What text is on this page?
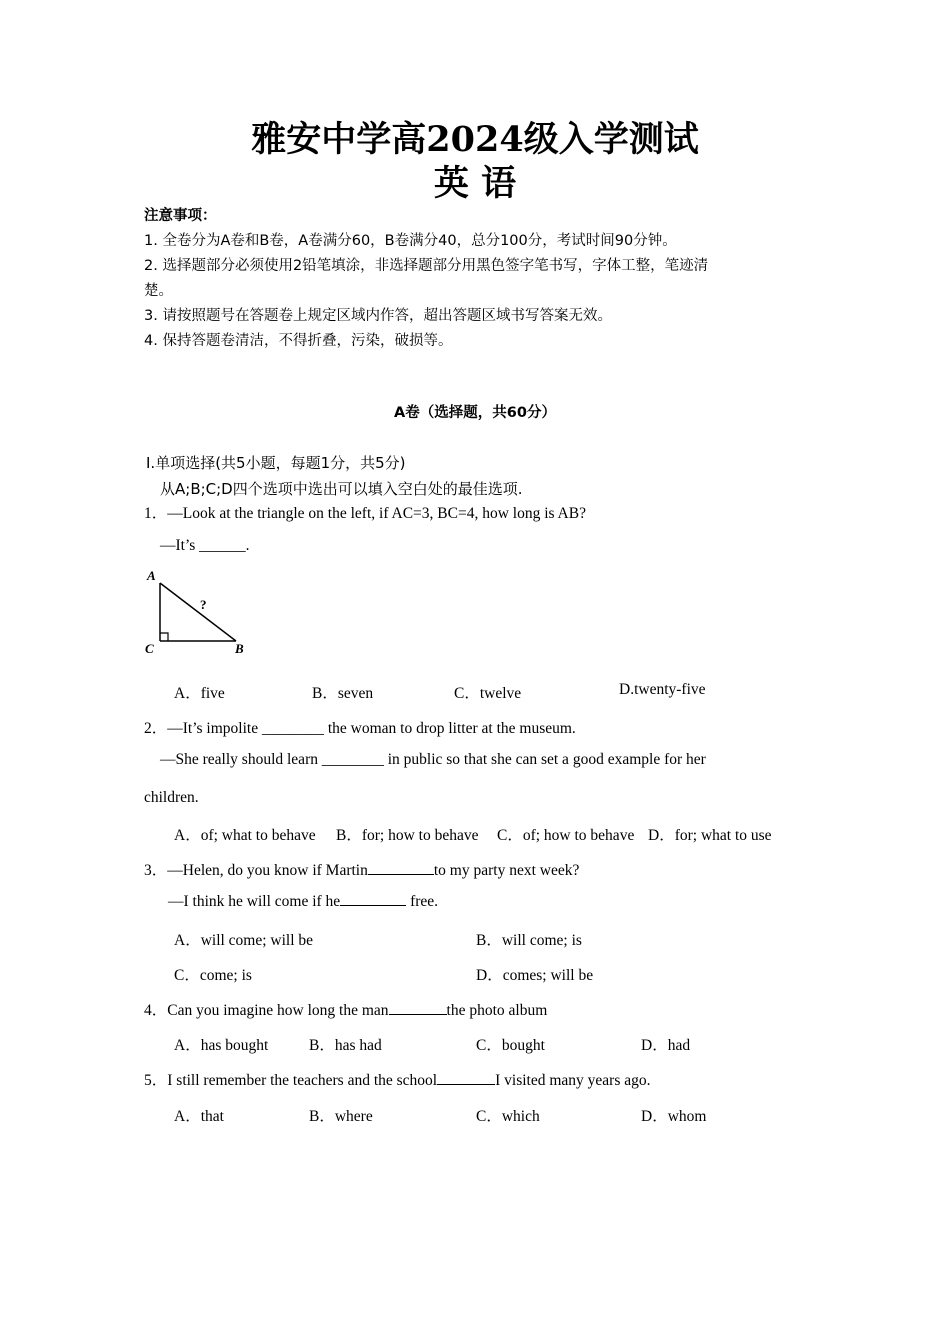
雅安中学高2024级入学测试
英 语
注意事项：
1. 全卷分为A卷和B卷，A卷满分60，B卷满分40，总分100分，考试时间90分钟。
2. 选择题部分必须使用2铅笔填涂，非选择题部分用黑色签字笔书写，字体工整，笔迹清
楚。
3. 请按照题号在答题卷上规定区域内作答，超出答题区域书写答案无效。
4. 保持答题卷清洁，不得折叠，污染，破损等。
A卷（选择题，共60分）
Ⅰ.单项选择(共5小题，每题1分，共5分)
从A;B;C;D四个选项中选出可以填入空白处的最佳选项.
1．—Look at the triangle on the left, if AC=3, BC=4, how long is AB?
—It’s ______.
A
C	B
?
A．five	B．seven	C．twelve	D.twenty-five
2．—It’s impolite ________ the woman to drop litter at the museum.
—She really should learn ________ in public so that she can set a good example for her
children.
A．of; what to behave B．for; how to behave C．of; how to behave D．for; what to use
3．—Helen, do you know if Martin	to my party next week?
—I think he will come if he	free.
A．will come; will be	B．will come; is
C．come; is	D．comes; will be
4．Can you imagine how long the man	the photo album
A．has bought	B．has had	C．bought	D．had
5．I still remember the teachers and the school	I visited many years ago.
A．that	B．where	C．which	D．whom
